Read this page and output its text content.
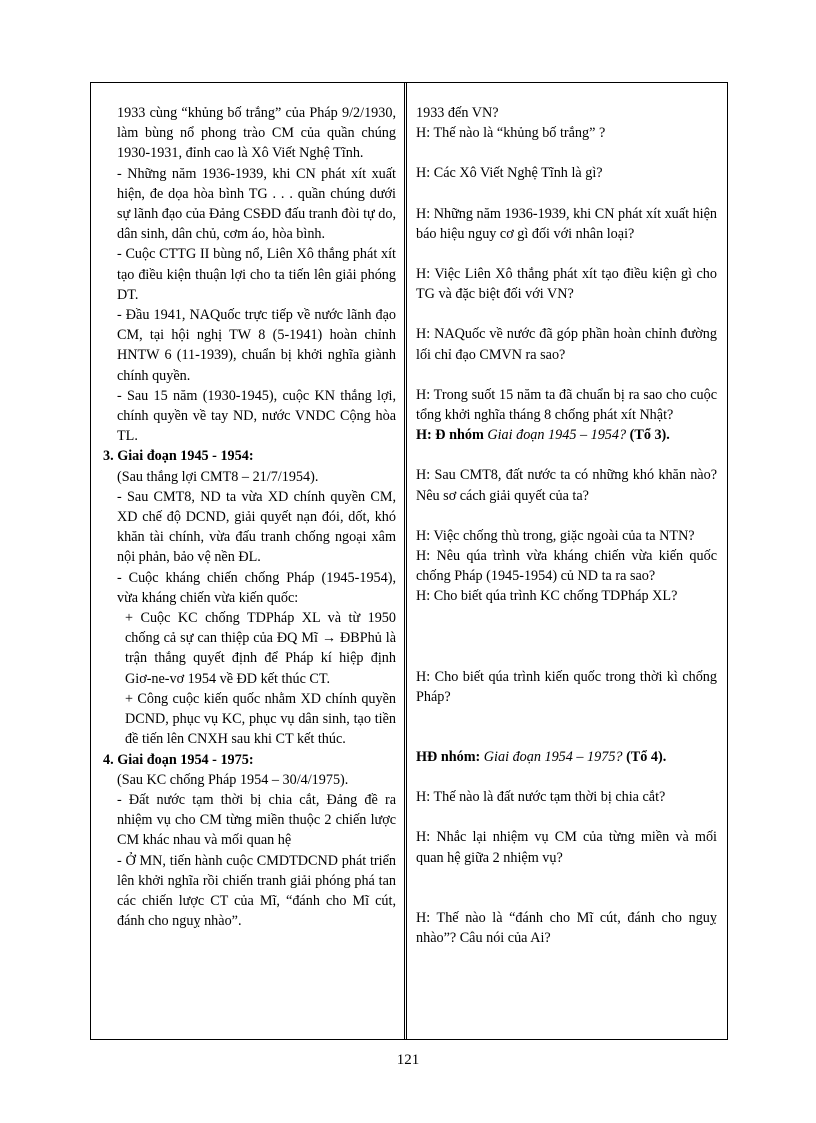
1933 cùng “khủng bố trắng” của Pháp 9/2/1930, làm bùng nổ phong trào CM của quần chúng 1930-1931, đỉnh cao là Xô Viết Nghệ Tĩnh.

- Những năm 1936-1939, khi CN phát xít xuất hiện, đe dọa hòa bình TG . . . quần chúng dưới sự lãnh đạo của Đảng CSĐD đấu tranh đòi tự do, dân sinh, dân chủ, cơm áo, hòa bình.

- Cuộc CTTG II bùng nổ, Liên Xô thắng phát xít tạo điều kiện thuận lợi cho ta tiến lên giải phóng DT.

- Đầu 1941, NAQuốc trực tiếp về nước lãnh đạo CM, tại hội nghị TW 8 (5-1941) hoàn chỉnh HNTW 6 (11-1939), chuẩn bị khởi nghĩa giành chính quyền.

- Sau 15 năm (1930-1945), cuộc KN thắng lợi, chính quyền về tay ND, nước VNDC Cộng hòa TL.

3. Giai đoạn 1945 - 1954:

(Sau thắng lợi CMT8 – 21/7/1954).

- Sau CMT8, ND ta vừa XD chính quyền CM, XD chế độ DCND, giải quyết nạn đói, dốt, khó khăn tài chính, vừa đấu tranh chống ngoại xâm nội phản, bảo vệ nền ĐL.

- Cuộc kháng chiến chống Pháp (1945-1954), vừa kháng chiến vừa kiến quốc:

+ Cuộc KC chống TDPháp XL và từ 1950 chống cả sự can thiệp của ĐQ Mĩ → ĐBPhủ là trận thắng quyết định để Pháp kí hiệp định Giơ-ne-vơ 1954 về ĐD kết thúc CT.

+ Công cuộc kiến quốc nhằm XD chính quyền DCND, phục vụ KC, phục vụ dân sinh, tạo tiền đề tiến lên CNXH sau khi CT kết thúc.

4. Giai đoạn 1954 - 1975:

(Sau KC chống Pháp 1954 – 30/4/1975).

- Đất nước tạm thời bị chia cắt, Đảng đề ra nhiệm vụ cho CM từng miền thuộc 2 chiến lược CM khác nhau và mối quan hệ

- Ở MN, tiến hành cuộc CMDTDCND phát triển lên khởi nghĩa rồi chiến tranh giải phóng phá tan các chiến lược CT của Mĩ, “đánh cho Mĩ cút, đánh cho nguỵ nhào”.

1933 đến VN?

H: Thế nào là “khủng bố trắng” ?

H: Các Xô Viết Nghệ Tĩnh là gì?

H: Những năm 1936-1939, khi CN phát xít xuất hiện báo hiệu nguy cơ gì đối với nhân loại?

H: Việc Liên Xô thắng phát xít tạo điều kiện gì cho TG và đặc biệt đối với VN?

H: NAQuốc về nước đã góp phần hoàn chỉnh đường lối chỉ đạo CMVN ra sao?

H: Trong suốt 15 năm ta đã chuẩn bị ra sao cho cuộc tổng khởi nghĩa tháng 8 chống phát xít Nhật?

H: Đ nhóm Giai đoạn 1945 – 1954? (Tổ 3).

H: Sau CMT8, đất nước ta có những khó khăn nào? Nêu sơ cách giải quyết của ta?

H: Việc chống thù trong, giặc ngoài của ta NTN?

H: Nêu qúa trình vừa kháng chiến vừa kiến quốc chống Pháp (1945-1954) củ ND ta ra sao?

H: Cho biết qúa trình KC chống TDPháp XL?

H: Cho biết qúa trình kiến quốc trong thời kì chống Pháp?

HĐ nhóm: Giai đoạn 1954 – 1975? (Tổ 4).

H: Thế nào là đất nước tạm thời bị chia cắt?

H: Nhắc lại nhiệm vụ CM của từng miền và mối quan hệ giữa 2 nhiệm vụ?

H: Thế nào là “đánh cho Mĩ cút, đánh cho nguỵ nhào”? Câu nói của Ai?

121
